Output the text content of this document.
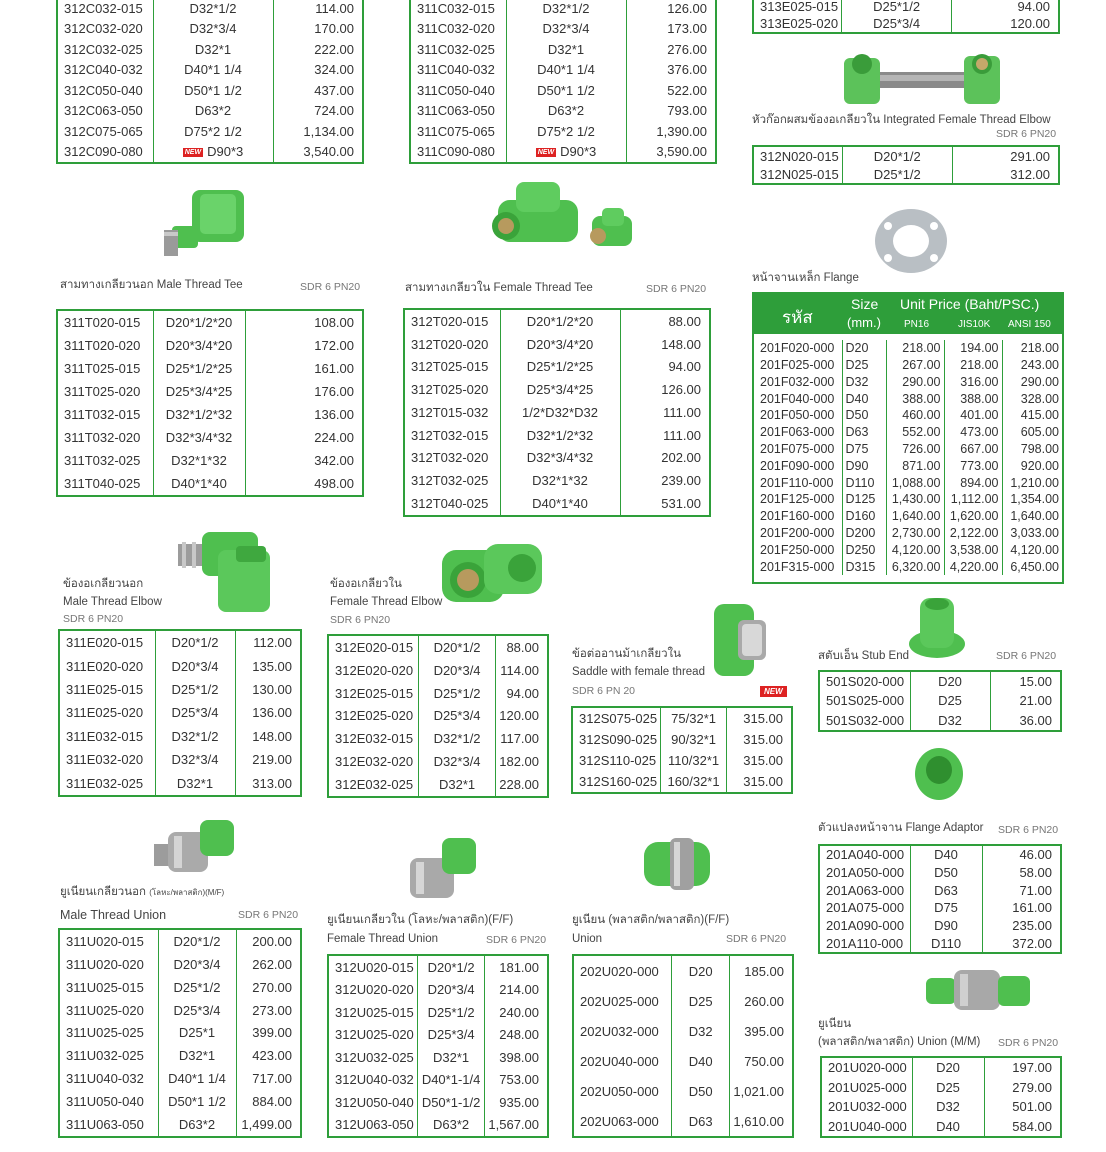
312C032-015	D32*1/2	114.00
312C032-020	D32*3/4	170.00
312C032-025	D32*1	222.00
312C040-032	D40*1 1/4	324.00
312C050-040	D50*1 1/2	437.00
312C063-050	D63*2	724.00
312C075-065	D75*2 1/2	1,134.00
312C090-080	NEW D90*3	3,540.00
311C032-015	D32*1/2	126.00
311C032-020	D32*3/4	173.00
311C032-025	D32*1	276.00
311C040-032	D40*1 1/4	376.00
311C050-040	D50*1 1/2	522.00
311C063-050	D63*2	793.00
311C075-065	D75*2 1/2	1,390.00
311C090-080	NEW D90*3	3,590.00
313E025-015	D25*1/2	94.00
313E025-020	D25*3/4	120.00
หัวก๊อกผสมข้องอเกลียวใน Integrated Female Thread Elbow
SDR 6 PN20
312N020-015	D20*1/2	291.00
312N025-015	D25*1/2	312.00
สามทางเกลียวนอก Male Thread Tee	SDR 6 PN20
311T020-015	D20*1/2*20	108.00
311T020-020	D20*3/4*20	172.00
311T025-015	D25*1/2*25	161.00
311T025-020	D25*3/4*25	176.00
311T032-015	D32*1/2*32	136.00
311T032-020	D32*3/4*32	224.00
311T032-025	D32*1*32	342.00
311T040-025	D40*1*40	498.00
สามทางเกลียวใน Female Thread Tee	SDR 6 PN20
312T020-015	D20*1/2*20	88.00
312T020-020	D20*3/4*20	148.00
312T025-015	D25*1/2*25	94.00
312T025-020	D25*3/4*25	126.00
312T015-032	1/2*D32*D32	111.00
312T032-015	D32*1/2*32	111.00
312T032-020	D32*3/4*32	202.00
312T032-025	D32*1*32	239.00
312T040-025	D40*1*40	531.00
หน้าจานเหล็ก Flange
รหัส
Size
(mm.)
Unit Price (Baht/PSC.)
PN16	JIS10K ANSI 150
201F020-000	D20	218.00	194.00	218.00
201F025-000	D25	267.00	218.00	243.00
201F032-000	D32	290.00	316.00	290.00
201F040-000	D40	388.00	388.00	328.00
201F050-000	D50	460.00	401.00	415.00
201F063-000	D63	552.00	473.00	605.00
201F075-000	D75	726.00	667.00	798.00
201F090-000	D90	871.00	773.00	920.00
201F110-000	D110	1,088.00	894.00	1,210.00
201F125-000	D125	1,430.00	1,112.00	1,354.00
201F160-000	D160	1,640.00	1,620.00	1,640.00
201F200-000	D200	2,730.00	2,122.00	3,033.00
201F250-000	D250	4,120.00	3,538.00	4,120.00
201F315-000	D315	6,320.00	4,220.00	6,450.00
ข้องอเกลียวนอก
Male Thread Elbow
SDR 6 PN20
311E020-015	D20*1/2	112.00
311E020-020	D20*3/4	135.00
311E025-015	D25*1/2	130.00
311E025-020	D25*3/4	136.00
311E032-015	D32*1/2	148.00
311E032-020	D32*3/4	219.00
311E032-025	D32*1	313.00
ข้องอเกลียวใน
Female Thread Elbow
SDR 6 PN20
312E020-015	D20*1/2	88.00
312E020-020	D20*3/4	114.00
312E025-015	D25*1/2	94.00
312E025-020	D25*3/4	120.00
312E032-015	D32*1/2	117.00
312E032-020	D32*3/4	182.00
312E032-025	D32*1	228.00
ข้อต่ออานม้าเกลียวใน
Saddle with female thread
SDR 6 PN 20	NEW
312S075-025	75/32*1	315.00
312S090-025	90/32*1	315.00
312S110-025	110/32*1	315.00
312S160-025	160/32*1	315.00
สตับเอ็น Stub End	SDR 6 PN20
501S020-000	D20	15.00
501S025-000	D25	21.00
501S032-000	D32	36.00
ตัวแปลงหน้าจาน Flange Adaptor SDR 6 PN20
201A040-000	D40	46.00
201A050-000	D50	58.00
201A063-000	D63	71.00
201A075-000	D75	161.00
201A090-000	D90	235.00
201A110-000	D110	372.00
ยูเนียน
(พลาสติก/พลาสติก) Union (M/M) SDR 6 PN20
201U020-000	D20	197.00
201U025-000	D25	279.00
201U032-000	D32	501.00
201U040-000	D40	584.00
ยูเนียนเกลียวนอก (โลหะ/พลาสติก)(M/F)
Male Thread Union	SDR 6 PN20
311U020-015	D20*1/2	200.00
311U020-020	D20*3/4	262.00
311U025-015	D25*1/2	270.00
311U025-020	D25*3/4	273.00
311U025-025	D25*1	399.00
311U032-025	D32*1	423.00
311U040-032	D40*1 1/4	717.00
311U050-040	D50*1 1/2	884.00
311U063-050	D63*2	1,499.00
ยูเนียนเกลียวใน (โลหะ/พลาสติก)(F/F)
Female Thread Union	SDR 6 PN20
312U020-015	D20*1/2	181.00
312U020-020	D20*3/4	214.00
312U025-015	D25*1/2	240.00
312U025-020	D25*3/4	248.00
312U032-025	D32*1	398.00
312U040-032	D40*1-1/4	753.00
312U050-040	D50*1-1/2	935.00
312U063-050	D63*2	1,567.00
ยูเนียน (พลาสติก/พลาสติก)(F/F)
Union	SDR 6 PN20
202U020-000	D20	185.00
202U025-000	D25	260.00
202U032-000	D32	395.00
202U040-000	D40	750.00
202U050-000	D50	1,021.00
202U063-000	D63	1,610.00
